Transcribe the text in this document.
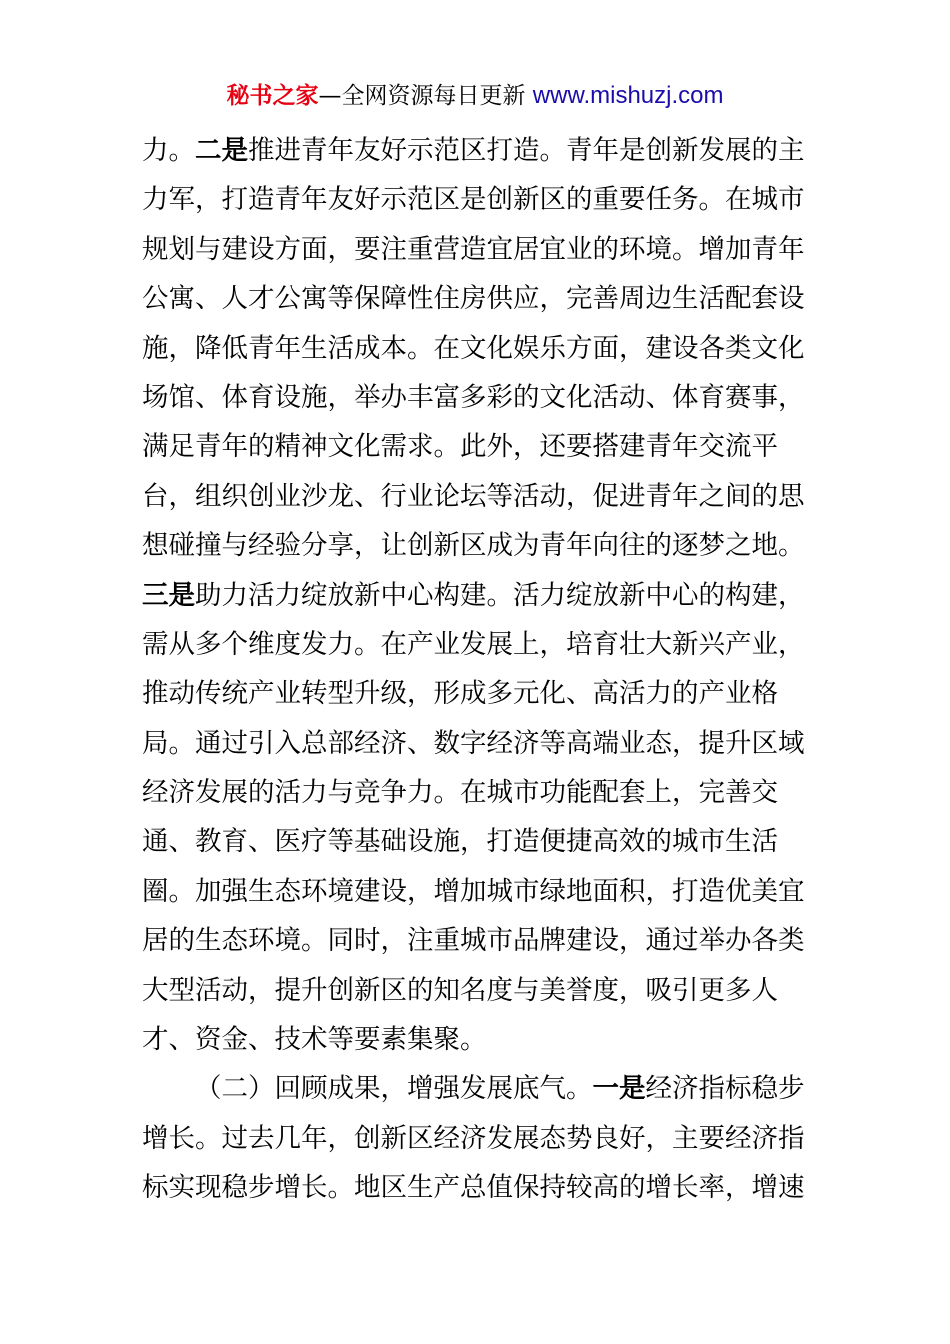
秘书之家—全网资源每日更新 www.mishuzj.com
力。二是推进青年友好示范区打造。青年是创新发展的主
力军，打造青年友好示范区是创新区的重要任务。在城市
规划与建设方面，要注重营造宜居宜业的环境。增加青年
公寓、人才公寓等保障性住房供应，完善周边生活配套设
施，降低青年生活成本。在文化娱乐方面，建设各类文化
场馆、体育设施，举办丰富多彩的文化活动、体育赛事，
满足青年的精神文化需求。此外，还要搭建青年交流平
台，组织创业沙龙、行业论坛等活动，促进青年之间的思
想碰撞与经验分享，让创新区成为青年向往的逐梦之地。
三是助力活力绽放新中心构建。活力绽放新中心的构建，
需从多个维度发力。在产业发展上，培育壮大新兴产业，
推动传统产业转型升级，形成多元化、高活力的产业格
局。通过引入总部经济、数字经济等高端业态，提升区域
经济发展的活力与竞争力。在城市功能配套上，完善交
通、教育、医疗等基础设施，打造便捷高效的城市生活
圈。加强生态环境建设，增加城市绿地面积，打造优美宜
居的生态环境。同时，注重城市品牌建设，通过举办各类
大型活动，提升创新区的知名度与美誉度，吸引更多人
才、资金、技术等要素集聚。
（二）回顾成果，增强发展底气。一是经济指标稳步
增长。过去几年，创新区经济发展态势良好，主要经济指
标实现稳步增长。地区生产总值保持较高的增长率，增速
